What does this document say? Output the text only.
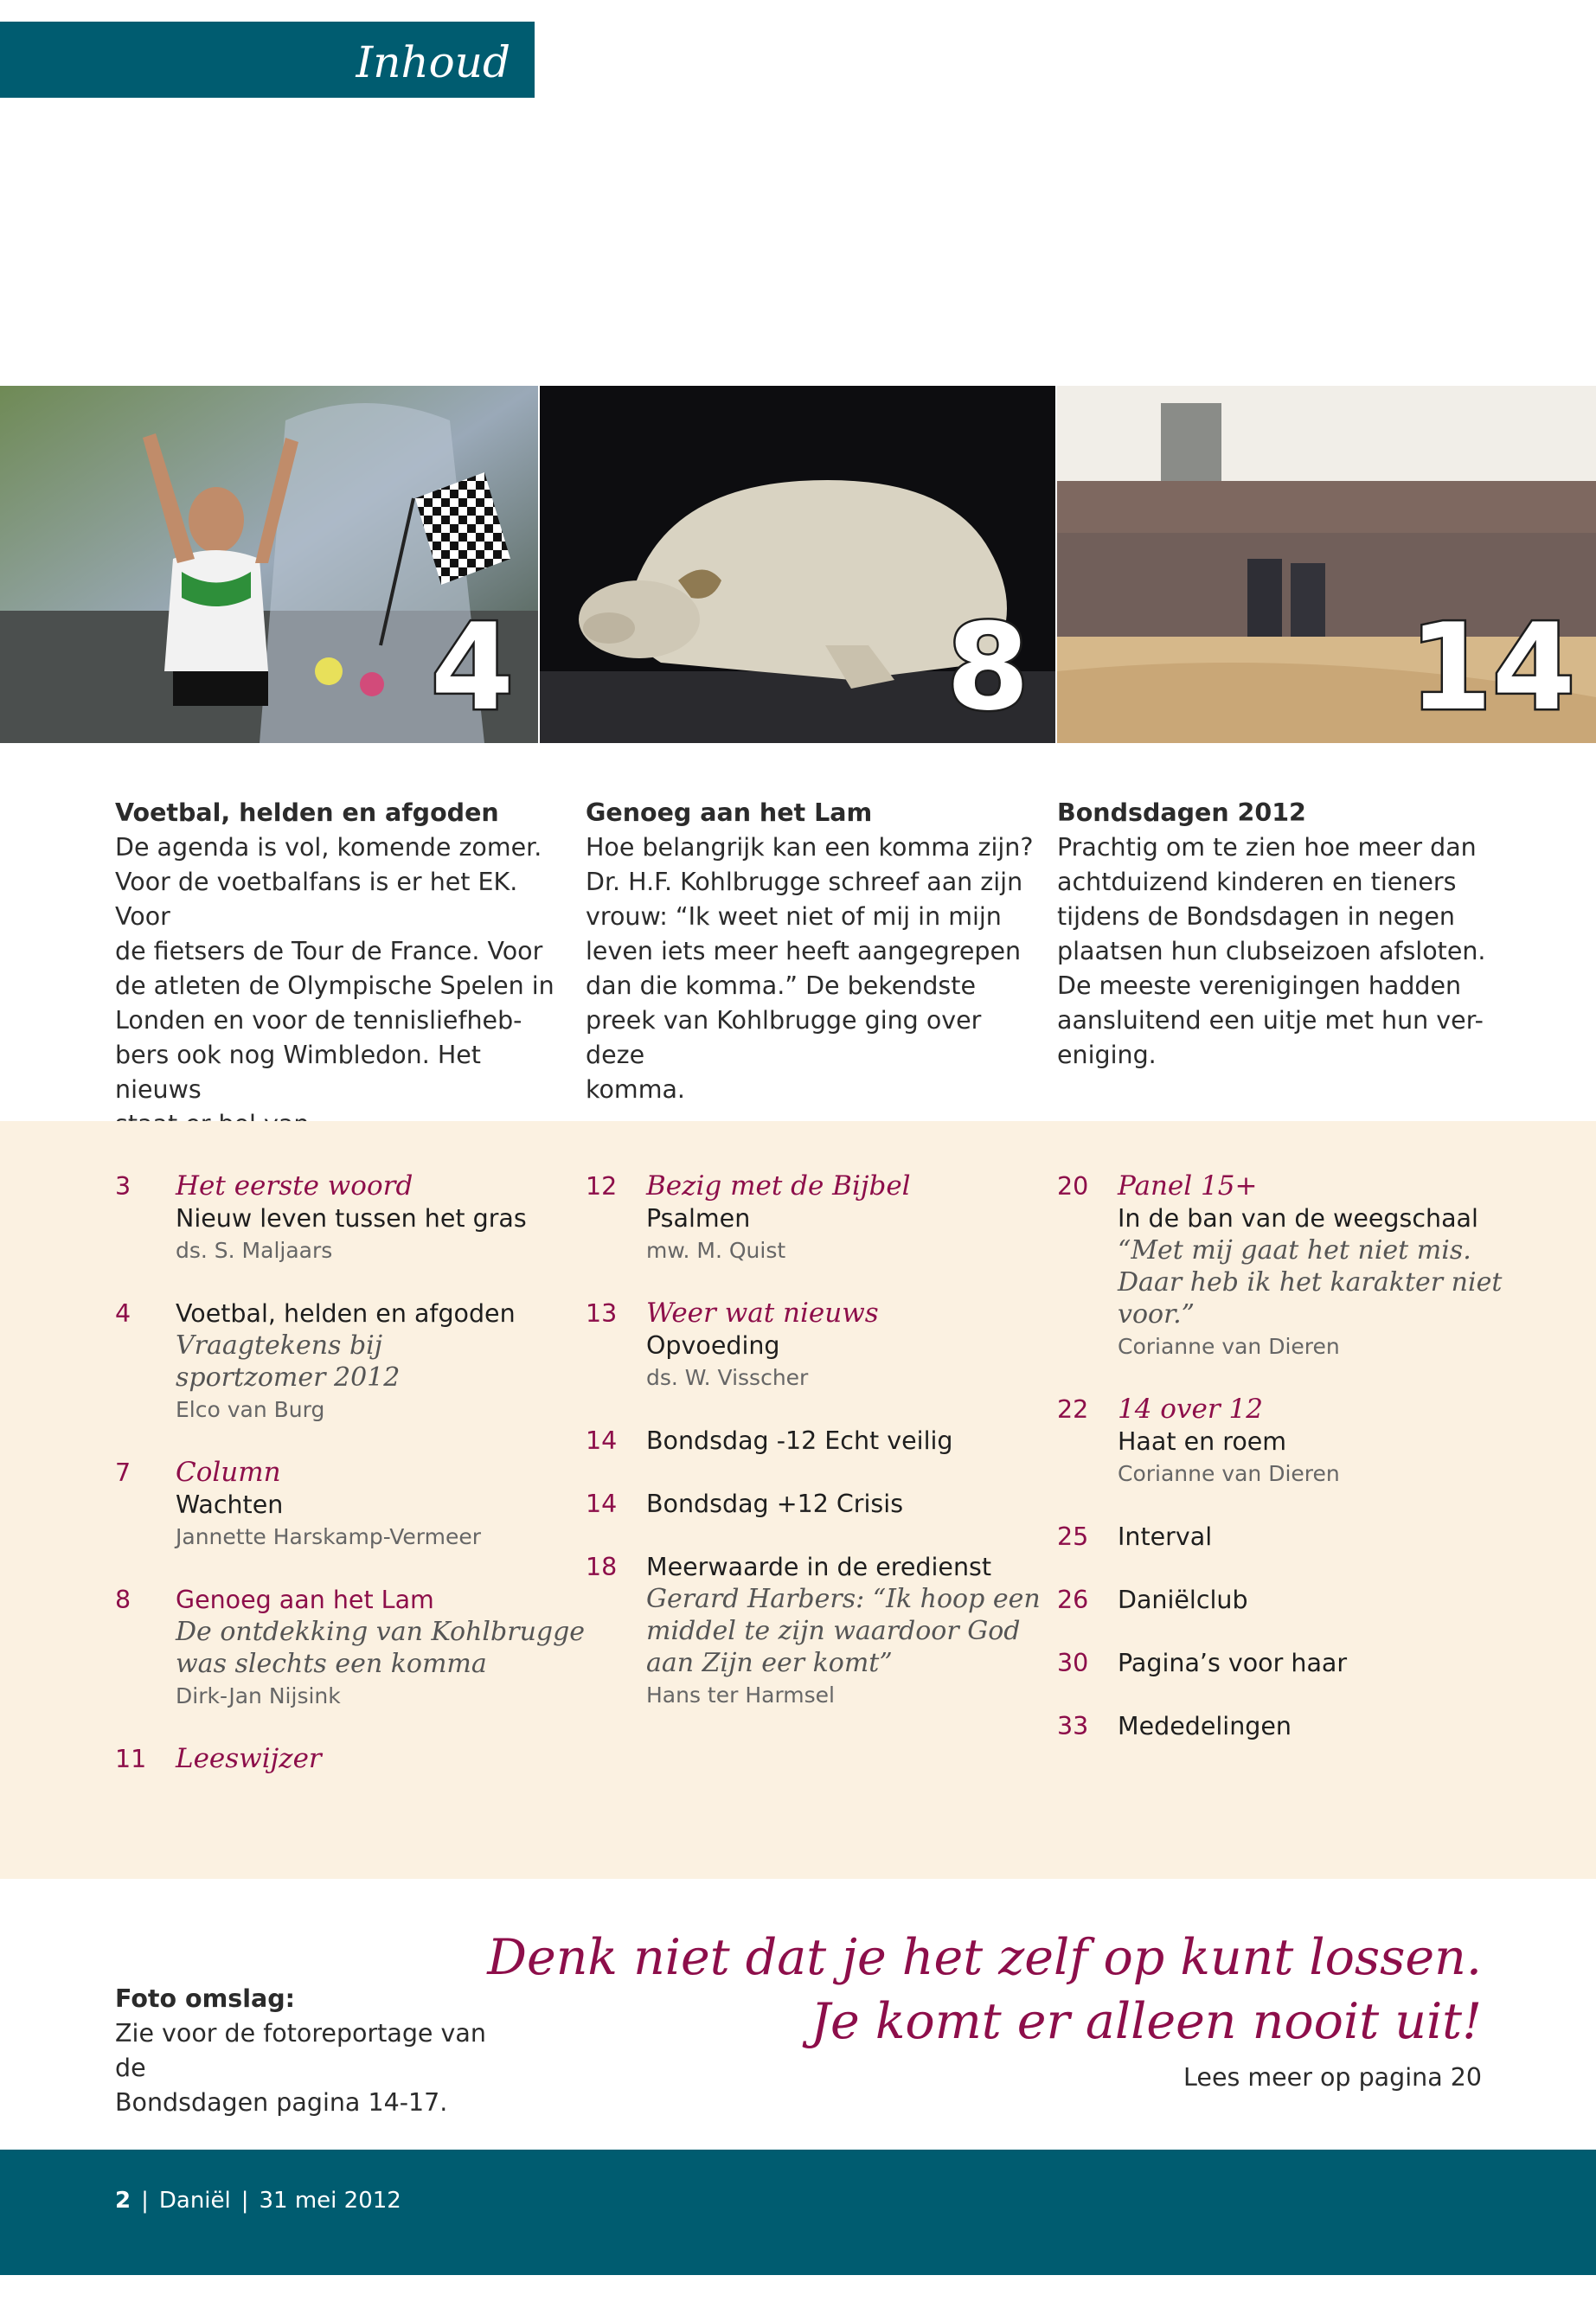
Inhoud
4	8	14
Voetbal, helden en afgoden
De agenda is vol, komende zomer.
Voor de voetbalfans is er het EK. Voor
de fietsers de Tour de France. Voor
de atleten de Olympische Spelen in
Londen en voor de tennisliefheb-
bers ook nog Wimbledon. Het nieuws
Genoeg aan het Lam
Hoe belangrijk kan een komma zijn?
Dr. H.F. Kohlbrugge schreef aan zijn
vrouw: “Ik weet niet of mij in mijn
leven iets meer heeft aangegrepen
dan die komma.” De bekendste
preek van Kohlbrugge ging over deze
komma.
Bondsdagen 2012
Prachtig om te zien hoe meer dan
achtduizend kinderen en tieners
tijdens de Bondsdagen in negen
plaatsen hun clubseizoen afsloten.
De meeste verenigingen hadden
aansluitend een uitje met hun ver-
eniging.
3 Het eerste woord
Nieuw leven tussen het gras
ds. S. Maljaars
4 Voetbal, helden en afgoden
Vraagtekens bij
sportzomer 2012
Elco van Burg
7 Column
Wachten
Jannette Harskamp-Vermeer
8 Genoeg aan het Lam
De ontdekking van Kohlbrugge
was slechts een komma
Dirk-Jan Nijsink
11 Leeswijzer
12 Bezig met de Bijbel
Psalmen
mw. M. Quist
13 Weer wat nieuws
Opvoeding
ds. W. Visscher
14 Bondsdag -12 Echt veilig
14 Bondsdag +12 Crisis
18 Meerwaarde in de eredienst
Gerard Harbers: “Ik hoop een
middel te zijn waardoor God
aan Zijn eer komt”
Hans ter Harmsel
20 Panel 15+
In de ban van de weegschaal
“Met mij gaat het niet mis.
Daar heb ik het karakter niet
voor.”
Corianne van Dieren
22 14 over 12
Haat en roem
Corianne van Dieren
25 Interval
26 Daniëlclub
30 Pagina’s voor haar
33 Mededelingen
Foto omslag:
Zie voor de fotoreportage van de
Bondsdagen pagina 14-17.
Denk niet dat je het zelf op kunt lossen.
Je komt er alleen nooit uit!
Lees meer op pagina 20
2 | Daniël | 31 mei 2012
